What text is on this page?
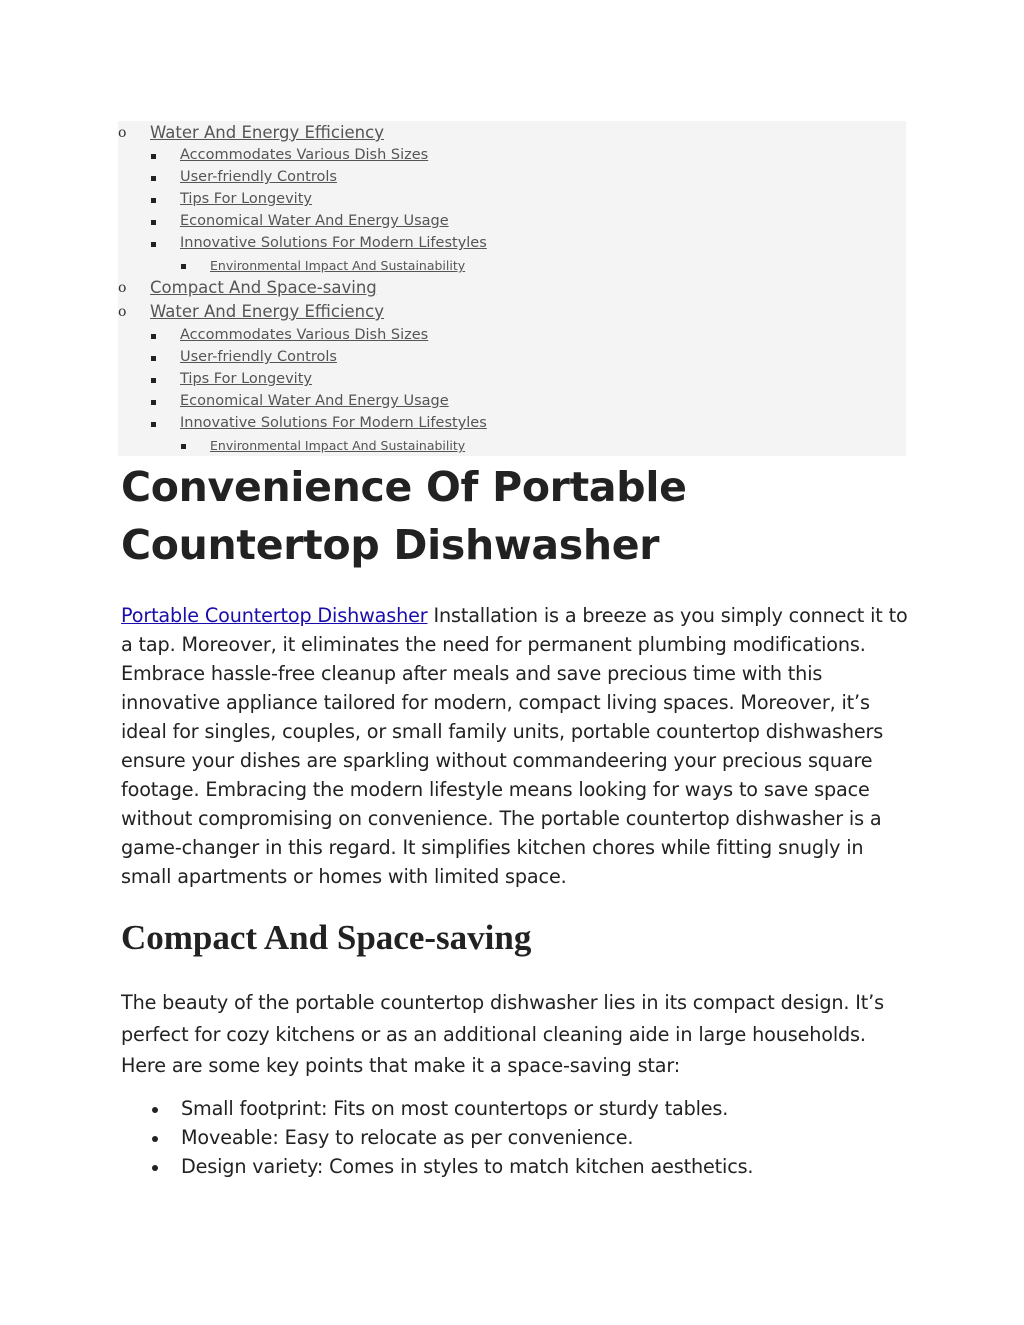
o Water And Energy Efficiency
Accommodates Various Dish Sizes
User-friendly Controls
Tips For Longevity
Economical Water And Energy Usage
Innovative Solutions For Modern Lifestyles
Environmental Impact And Sustainability
o Compact And Space-saving
o Water And Energy Efficiency
Accommodates Various Dish Sizes
User-friendly Controls
Tips For Longevity
Economical Water And Energy Usage
Innovative Solutions For Modern Lifestyles
Environmental Impact And Sustainability
Convenience Of Portable Countertop Dishwasher

Portable Countertop Dishwasher Installation is a breeze as you simply connect it to a tap. Moreover, it eliminates the need for permanent plumbing modifications. Embrace hassle-free cleanup after meals and save precious time with this innovative appliance tailored for modern, compact living spaces. Moreover, it’s ideal for singles, couples, or small family units, portable countertop dishwashers ensure your dishes are sparkling without commandeering your precious square footage. Embracing the modern lifestyle means looking for ways to save space without compromising on convenience. The portable countertop dishwasher is a game-changer in this regard. It simplifies kitchen chores while fitting snugly in small apartments or homes with limited space.

Compact And Space-saving

The beauty of the portable countertop dishwasher lies in its compact design. It’s perfect for cozy kitchens or as an additional cleaning aide in large households. Here are some key points that make it a space-saving star:

Small footprint: Fits on most countertops or sturdy tables.
Moveable: Easy to relocate as per convenience.
Design variety: Comes in styles to match kitchen aesthetics.
